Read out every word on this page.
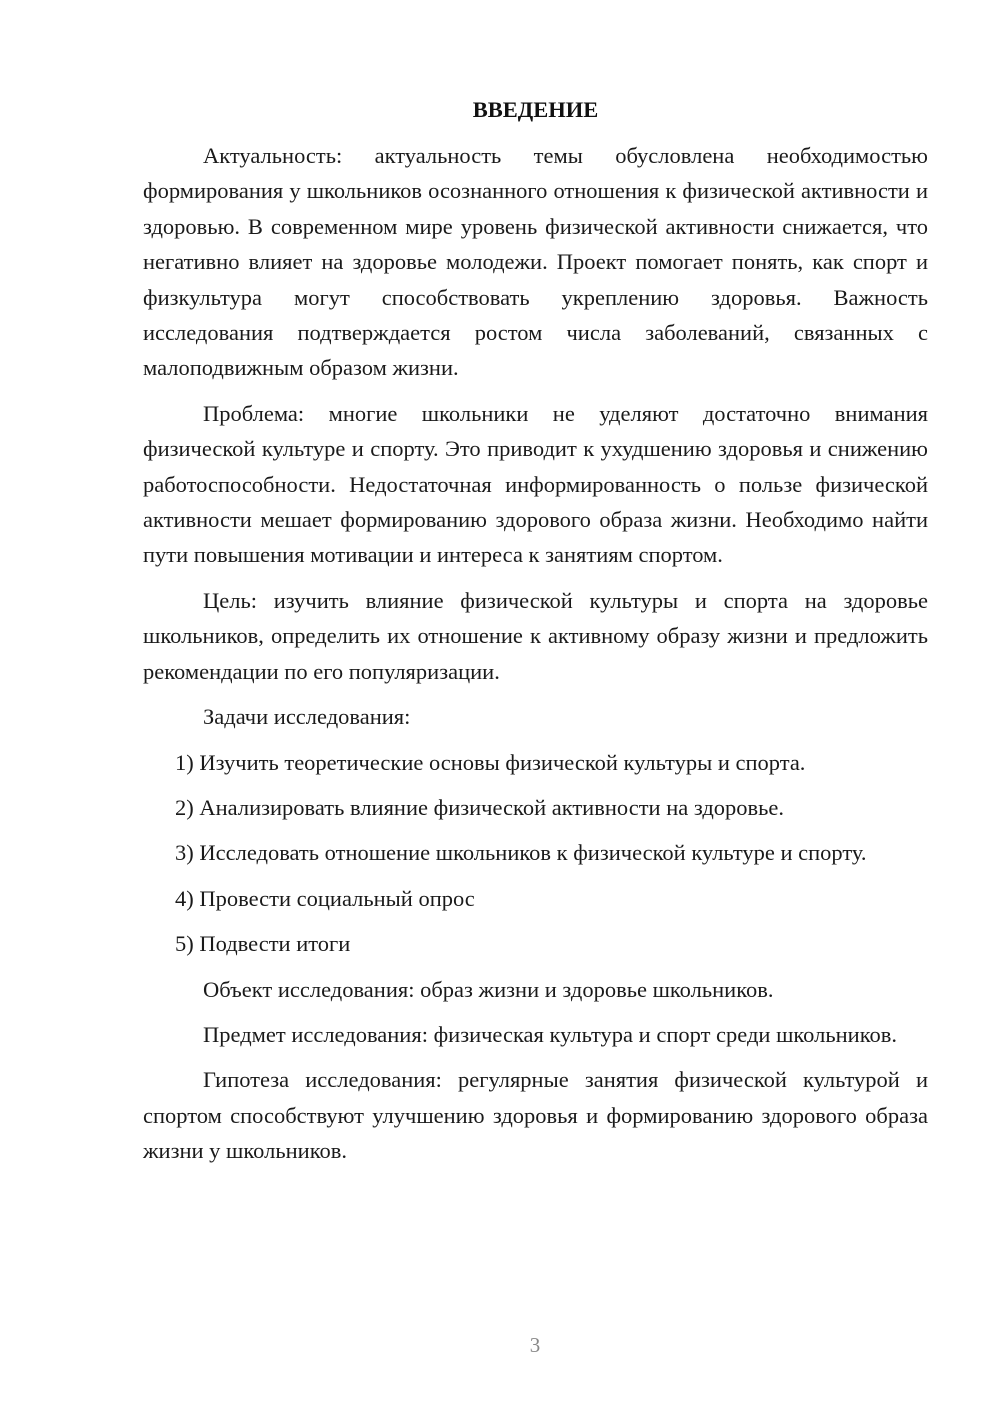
ВВЕДЕНИЕ

Актуальность: актуальность темы обусловлена необходимостью формирования у школьников осознанного отношения к физической активности и здоровью. В современном мире уровень физической активности снижается, что негативно влияет на здоровье молодежи. Проект помогает понять, как спорт и физкультура могут способствовать укреплению здоровья. Важность исследования подтверждается ростом числа заболеваний, связанных с малоподвижным образом жизни.

Проблема: многие школьники не уделяют достаточно внимания физической культуре и спорту. Это приводит к ухудшению здоровья и снижению работоспособности. Недостаточная информированность о пользе физической активности мешает формированию здорового образа жизни. Необходимо найти пути повышения мотивации и интереса к занятиям спортом.

Цель: изучить влияние физической культуры и спорта на здоровье школьников, определить их отношение к активному образу жизни и предложить рекомендации по его популяризации.

Задачи исследования:

1) Изучить теоретические основы физической культуры и спорта.

2) Анализировать влияние физической активности на здоровье.

3) Исследовать отношение школьников к физической культуре и спорту.

4) Провести социальный опрос

5) Подвести итоги

Объект исследования: образ жизни и здоровье школьников.

Предмет исследования: физическая культура и спорт среди школьников.

Гипотеза исследования: регулярные занятия физической культурой и спортом способствуют улучшению здоровья и формированию здорового образа жизни у школьников.

3
